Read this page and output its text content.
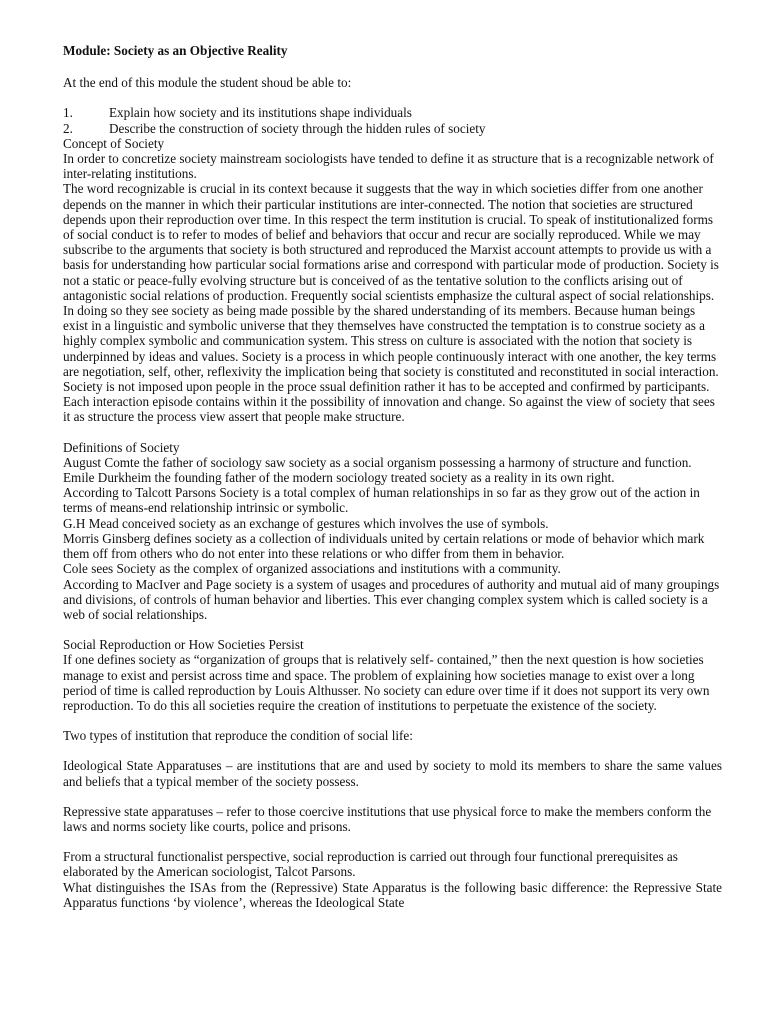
Module: Society as an Objective Reality

At the end of this module the student shoud be able to:

1.	Explain how society and its institutions shape individuals
2.	Describe the construction of society through the hidden rules of society

Concept of Society

In order to concretize society mainstream sociologists have tended to define it as structure that is a recognizable network of inter-relating institutions.

The word recognizable is crucial in its context because it suggests that the way in which societies differ from one another depends on the manner in which their particular institutions are inter-connected. The notion that societies are structured depends upon their reproduction over time. In this respect the term institution is crucial. To speak of institutionalized forms of social conduct is to refer to modes of belief and behaviors that occur and recur are socially reproduced. While we may subscribe to the arguments that society is both structured and reproduced the Marxist account attempts to provide us with a basis for understanding how particular social formations arise and correspond with particular mode of production. Society is not a static or peace-fully evolving structure but is conceived of as the tentative solution to the conflicts arising out of antagonistic social relations of production. Frequently social scientists emphasize the cultural aspect of social relationships. In doing so they see society as being made possible by the shared understanding of its members. Because human beings exist in a linguistic and symbolic universe that they themselves have constructed the temptation is to construe society as a highly complex symbolic and communication system. This stress on culture is associated with the notion that society is underpinned by ideas and values. Society is a process in which people continuously interact with one another, the key terms are negotiation, self, other, reflexivity the implication being that society is constituted and reconstituted in social interaction. Society is not imposed upon people in the proce ssual definition rather it has to be accepted and confirmed by participants. Each interaction episode contains within it the possibility of innovation and change. So against the view of society that sees it as structure the process view assert that people make structure.

Definitions of Society

August Comte the father of sociology saw society as a social organism possessing a harmony of structure and function. Emile Durkheim the founding father of the modern sociology treated society as a reality in its own right.

According to Talcott Parsons Society is a total complex of human relationships in so far as they grow out of the action in terms of means-end relationship intrinsic or symbolic.

G.H Mead conceived society as an exchange of gestures which involves the use of symbols.

Morris Ginsberg defines society as a collection of individuals united by certain relations or mode of behavior which mark them off from others who do not enter into these relations or who differ from them in behavior.

Cole sees Society as the complex of organized associations and institutions with a community.

According to MacIver and Page society is a system of usages and procedures of authority and mutual aid of many groupings and divisions, of controls of human behavior and liberties. This ever changing complex system which is called society is a web of social relationships.

Social Reproduction or How Societies Persist

If one defines society as “organization of groups that is relatively self- contained,” then the next question is how societies manage to exist and persist across time and space. The problem of explaining how societies manage to exist over a long period of time is called reproduction by Louis Althusser. No society can edure over time if it does not support its very own reproduction. To do this all societies require the creation of institutions to perpetuate the existence of the society.

Two types of institution that reproduce the condition of social life:

Ideological State Apparatuses – are institutions that are and used by society to mold its members to share the same values and beliefs that a typical member of the society possess.

Repressive state apparatuses – refer to those coercive institutions that use physical force to make the members conform the laws and norms society like courts, police and prisons.

From a structural functionalist perspective, social reproduction is carried out through four functional prerequisites as elaborated by the American sociologist, Talcot Parsons.

What distinguishes the ISAs from the (Repressive) State Apparatus is the following basic difference: the Repressive State Apparatus functions ‘by violence’, whereas the Ideological State
